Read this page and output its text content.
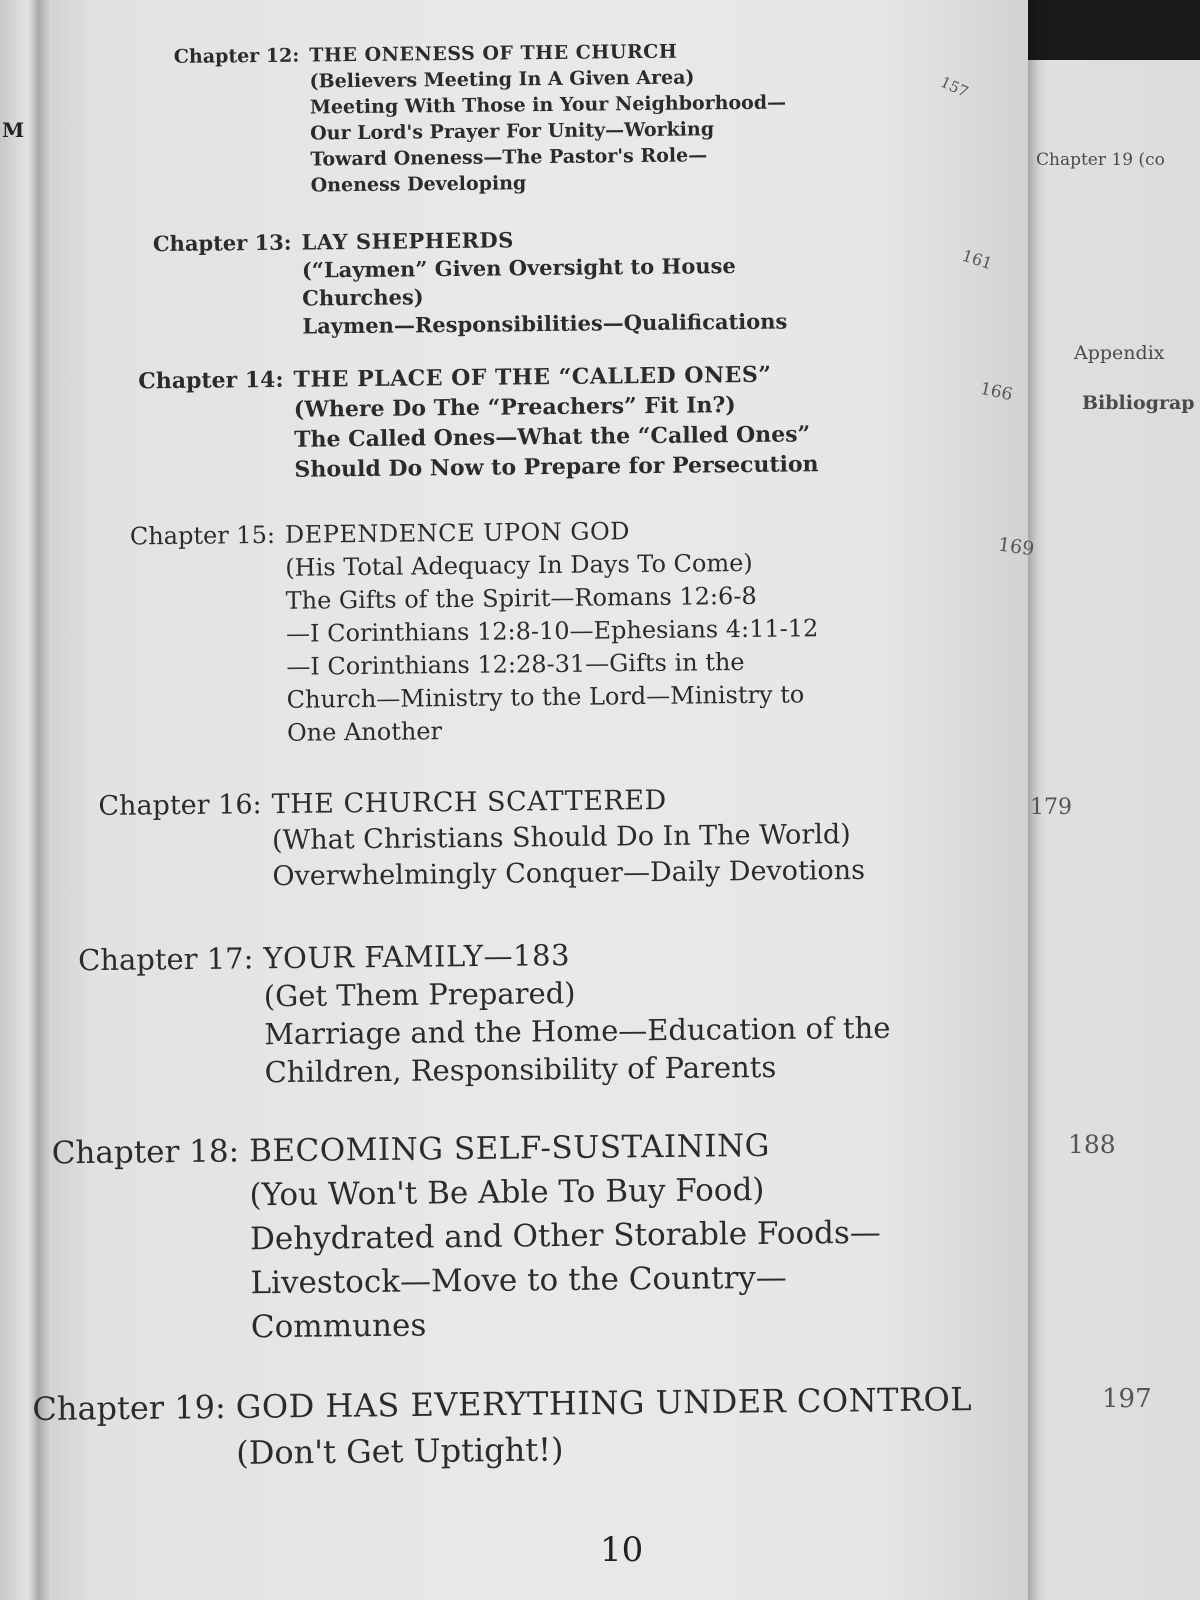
M
Chapter 19 (co
Appendix
Bibliograp
Chapter 12: THE ONENESS OF THE CHURCH
(Believers Meeting In A Given Area)
Meeting With Those in Your Neighborhood—
Our Lord's Prayer For Unity—Working
Toward Oneness—The Pastor's Role—
Oneness Developing
157
Chapter 13: LAY SHEPHERDS
(“Laymen” Given Oversight to House
Churches)
Laymen—Responsibilities—Qualifications
161
Chapter 14: THE PLACE OF THE “CALLED ONES”
(Where Do The “Preachers” Fit In?)
The Called Ones—What the “Called Ones”
Should Do Now to Prepare for Persecution
166
Chapter 15: DEPENDENCE UPON GOD
(His Total Adequacy In Days To Come)
The Gifts of the Spirit—Romans 12:6-8
—I Corinthians 12:8-10—Ephesians 4:11-12
—I Corinthians 12:28-31—Gifts in the
Church—Ministry to the Lord—Ministry to
One Another
169
Chapter 16: THE CHURCH SCATTERED
(What Christians Should Do In The World)
Overwhelmingly Conquer—Daily Devotions
179
Chapter 17: YOUR FAMILY—183
(Get Them Prepared)
Marriage and the Home—Education of the
Children, Responsibility of Parents
Chapter 18: BECOMING SELF-SUSTAINING
(You Won't Be Able To Buy Food)
Dehydrated and Other Storable Foods—
Livestock—Move to the Country—
Communes
188
Chapter 19: GOD HAS EVERYTHING UNDER CONTROL
(Don't Get Uptight!)
197
10
